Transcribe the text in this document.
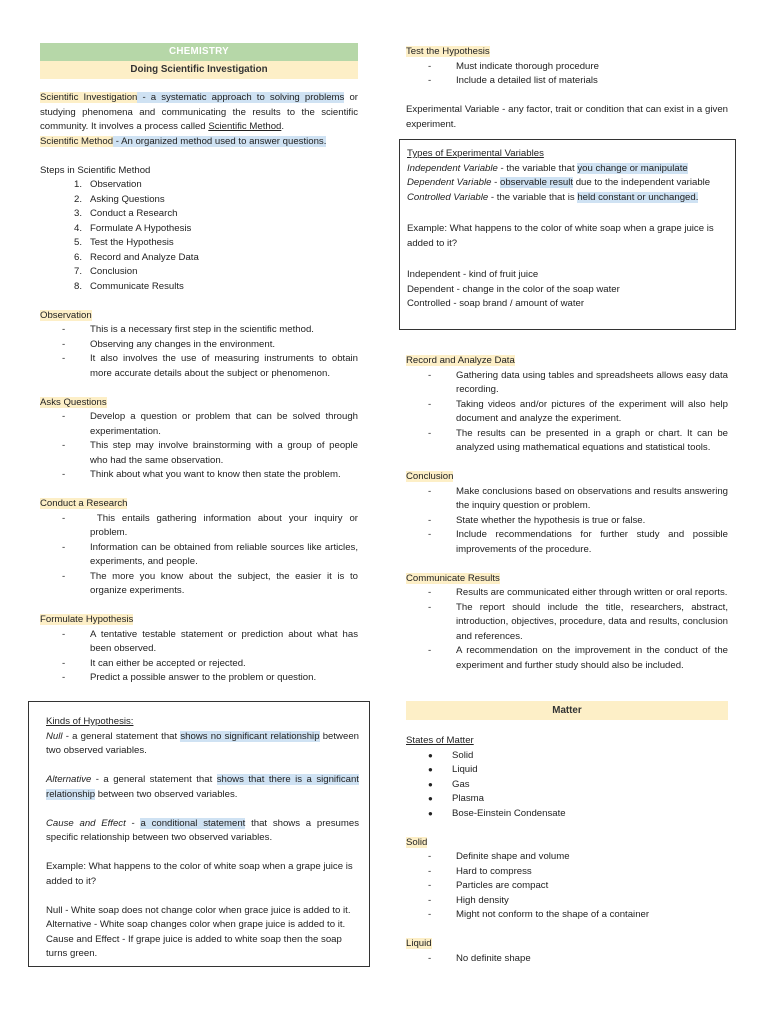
CHEMISTRY
Doing Scientific Investigation

Scientific Investigation - a systematic approach to solving problems or studying phenomena and communicating the results to the scientific community. It involves a process called Scientific Method.

Scientific Method - An organized method used to answer questions.

Steps in Scientific Method

1. Observation
2. Asking Questions
3. Conduct a Research
4. Formulate A Hypothesis
5. Test the Hypothesis
6. Record and Analyze Data
7. Conclusion
8. Communicate Results

Observation

-	This is a necessary first step in the scientific method.
-	Observing any changes in the environment.
-	It also involves the use of measuring instruments to obtain more accurate details about the subject or phenomenon.

Asks Questions

-	Develop a question or problem that can be solved through experimentation.
-	This step may involve brainstorming with a group of people who had the same observation.
-	Think about what you want to know then state the problem.

Conduct a Research

-	This entails gathering information about your inquiry or problem.
-	Information can be obtained from reliable sources like articles, experiments, and people.
-	The more you know about the subject, the easier it is to organize experiments.

Formulate Hypothesis

-	A tentative testable statement or prediction about what has been observed.
-	It can either be accepted or rejected.
-	Predict a possible answer to the problem or question.

Kinds of Hypothesis:

Null - a general statement that shows no significant relationship between two observed variables.

Alternative - a general statement that shows that there is a significant relationship between two observed variables.

Cause and Effect - a conditional statement that shows a presumes specific relationship between two observed variables.

Example: What happens to the color of white soap when a grape juice is added to it?

Null - White soap does not change color when grace juice is added to it.

Alternative - White soap changes color when grape juice is added to it.

Cause and Effect - If grape juice is added to white soap then the soap turns green.

Test the Hypothesis

-	Must indicate thorough procedure
-	Include a detailed list of materials

Experimental Variable - any factor, trait or condition that can exist in a given experiment.

Types of Experimental Variables

Independent Variable - the variable that you change or manipulate

Dependent Variable - observable result due to the independent variable

Controlled Variable - the variable that is held constant or unchanged.

Example: What happens to the color of white soap when a grape juice is added to it?

Independent - kind of fruit juice

Dependent - change in the color of the soap water

Controlled - soap brand / amount of water

Record and Analyze Data

-	Gathering data using tables and spreadsheets allows easy data recording.
-	Taking videos and/or pictures of the experiment will also help document and analyze the experiment.
-	The results can be presented in a graph or chart. It can be analyzed using mathematical equations and statistical tools.

Conclusion

-	Make conclusions based on observations and results answering the inquiry question or problem.
-	State whether the hypothesis is true or false.
-	Include recommendations for further study and possible improvements of the procedure.

Communicate Results

-	Results are communicated either through written or oral reports.
-	The report should include the title, researchers, abstract, introduction, objectives, procedure, data and results, conclusion and references.
-	A recommendation on the improvement in the conduct of the experiment and further study should also be included.
Matter

States of Matter

●	Solid
●	Liquid
●	Gas
●	Plasma
●	Bose-Einstein Condensate

Solid

-	Definite shape and volume
-	Hard to compress
-	Particles are compact
-	High density
-	Might not conform to the shape of a container

Liquid

-	No definite shape
